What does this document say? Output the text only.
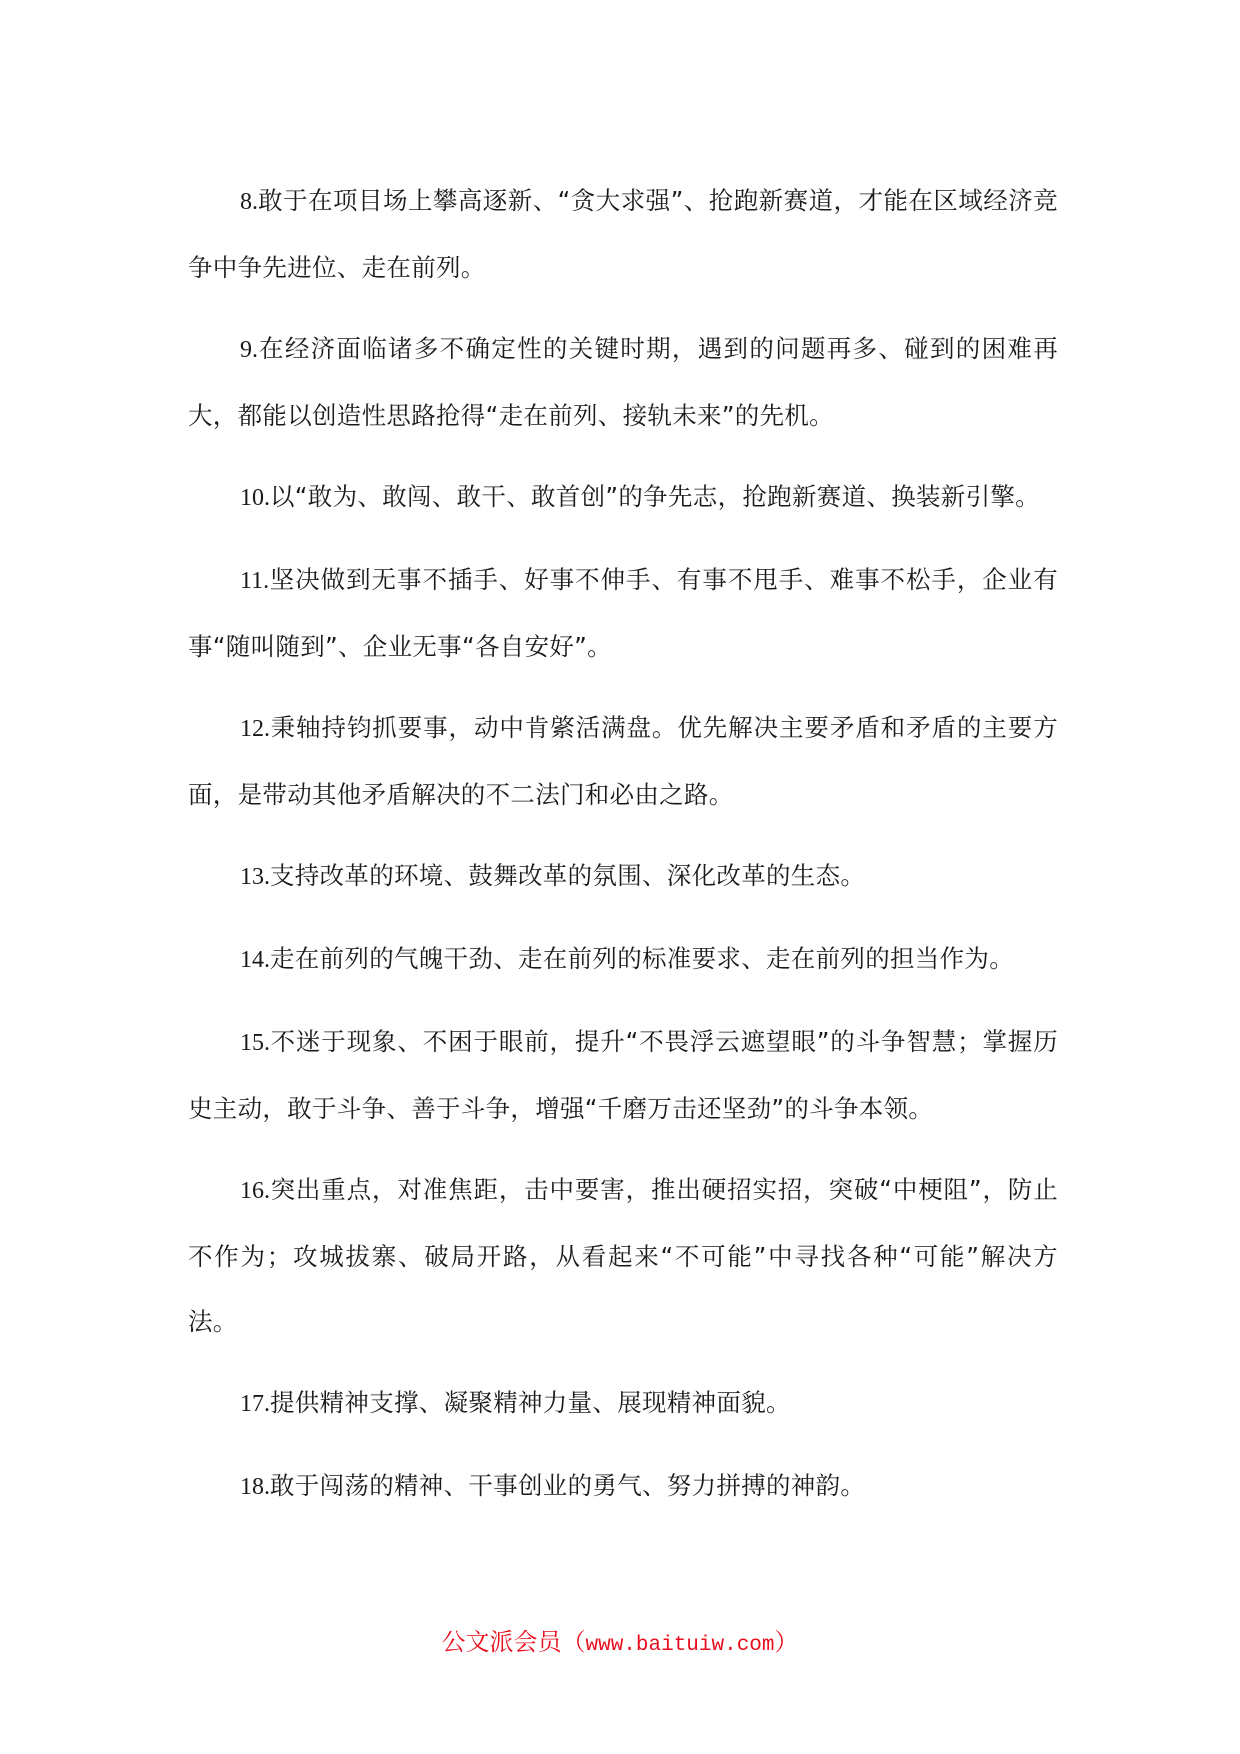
8.敢于在项目场上攀高逐新、“贪大求强”、抢跑新赛道，才能在区域经济竞争中争先进位、走在前列。

9.在经济面临诸多不确定性的关键时期，遇到的问题再多、碰到的困难再大，都能以创造性思路抢得“走在前列、接轨未来”的先机。

10.以“敢为、敢闯、敢干、敢首创”的争先志，抢跑新赛道、换装新引擎。

11.坚决做到无事不插手、好事不伸手、有事不甩手、难事不松手，企业有事“随叫随到”、企业无事“各自安好”。

12.秉轴持钧抓要事，动中肯綮活满盘。优先解决主要矛盾和矛盾的主要方面，是带动其他矛盾解决的不二法门和必由之路。

13.支持改革的环境、鼓舞改革的氛围、深化改革的生态。

14.走在前列的气魄干劲、走在前列的标准要求、走在前列的担当作为。

15.不迷于现象、不困于眼前，提升“不畏浮云遮望眼”的斗争智慧；掌握历史主动，敢于斗争、善于斗争，增强“千磨万击还坚劲”的斗争本领。

16.突出重点，对准焦距，击中要害，推出硬招实招，突破“中梗阻”，防止不作为；攻城拔寨、破局开路，从看起来“不可能”中寻找各种“可能”解决方法。

17.提供精神支撑、凝聚精神力量、展现精神面貌。

18.敢于闯荡的精神、干事创业的勇气、努力拼搏的神韵。

公文派会员（www.baituiw.com）
